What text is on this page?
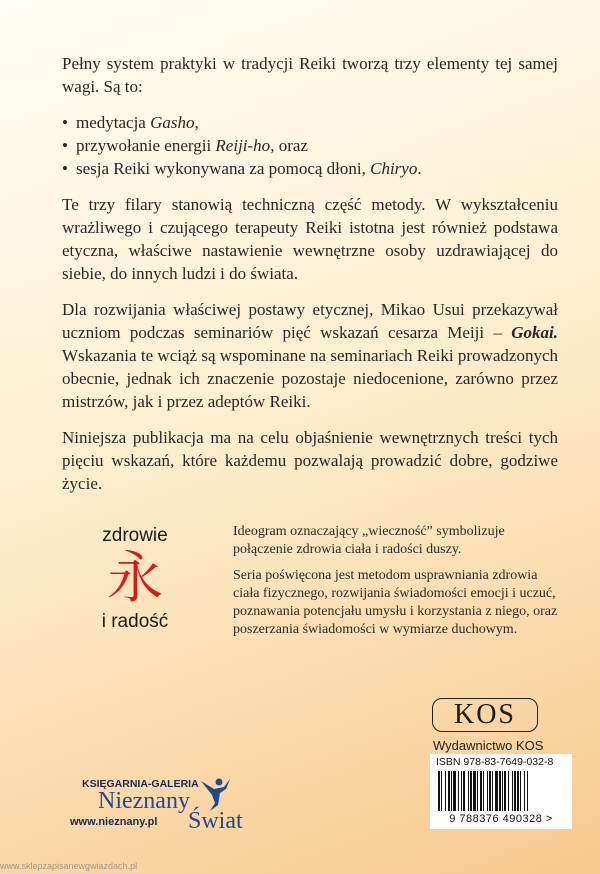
Pełny system praktyki w tradycji Reiki tworzą trzy elementy tej samej wagi. Są to:

• medytacja Gasho,
• przywołanie energii Reiji-ho, oraz
• sesja Reiki wykonywana za pomocą dłoni, Chiryo.

Te trzy filary stanowią techniczną część metody. W wykształceniu wrażliwego i czującego terapeuty Reiki istotna jest również podstawa etyczna, właściwe nastawienie wewnętrzne osoby uzdrawiającej do siebie, do innych ludzi i do świata.

Dla rozwijania właściwej postawy etycznej, Mikao Usui przekazywał uczniom podczas seminariów pięć wskazań cesarza Meiji – Gokai. Wskazania te wciąż są wspominane na seminariach Reiki prowadzonych obecnie, jednak ich znaczenie pozostaje niedocenione, zarówno przez mistrzów, jak i przez adeptów Reiki.

Niniejsza publikacja ma na celu objaśnienie wewnętrznych treści tych pięciu wskazań, które każdemu pozwalają prowadzić dobre, godziwe życie.

zdrowie
永
i radość

Ideogram oznaczający „wieczność” symbolizuje połączenie zdrowia ciała i radości duszy.

Seria poświęcona jest metodom usprawniania zdrowia ciała fizycznego, rozwijania świadomości emocji i uczuć, poznawania potencjału umysłu i korzystania z niego, oraz poszerzania świadomości w wymiarze duchowym.

KOS
Wydawnictwo KOS
ISBN 978-83-7649-032-8
9 788376 490328 >
KSIĘGARNIA-GALERIA
Nieznany
www.nieznany.pl Świat
www.sklepzapisanewgwiazdach.pl
